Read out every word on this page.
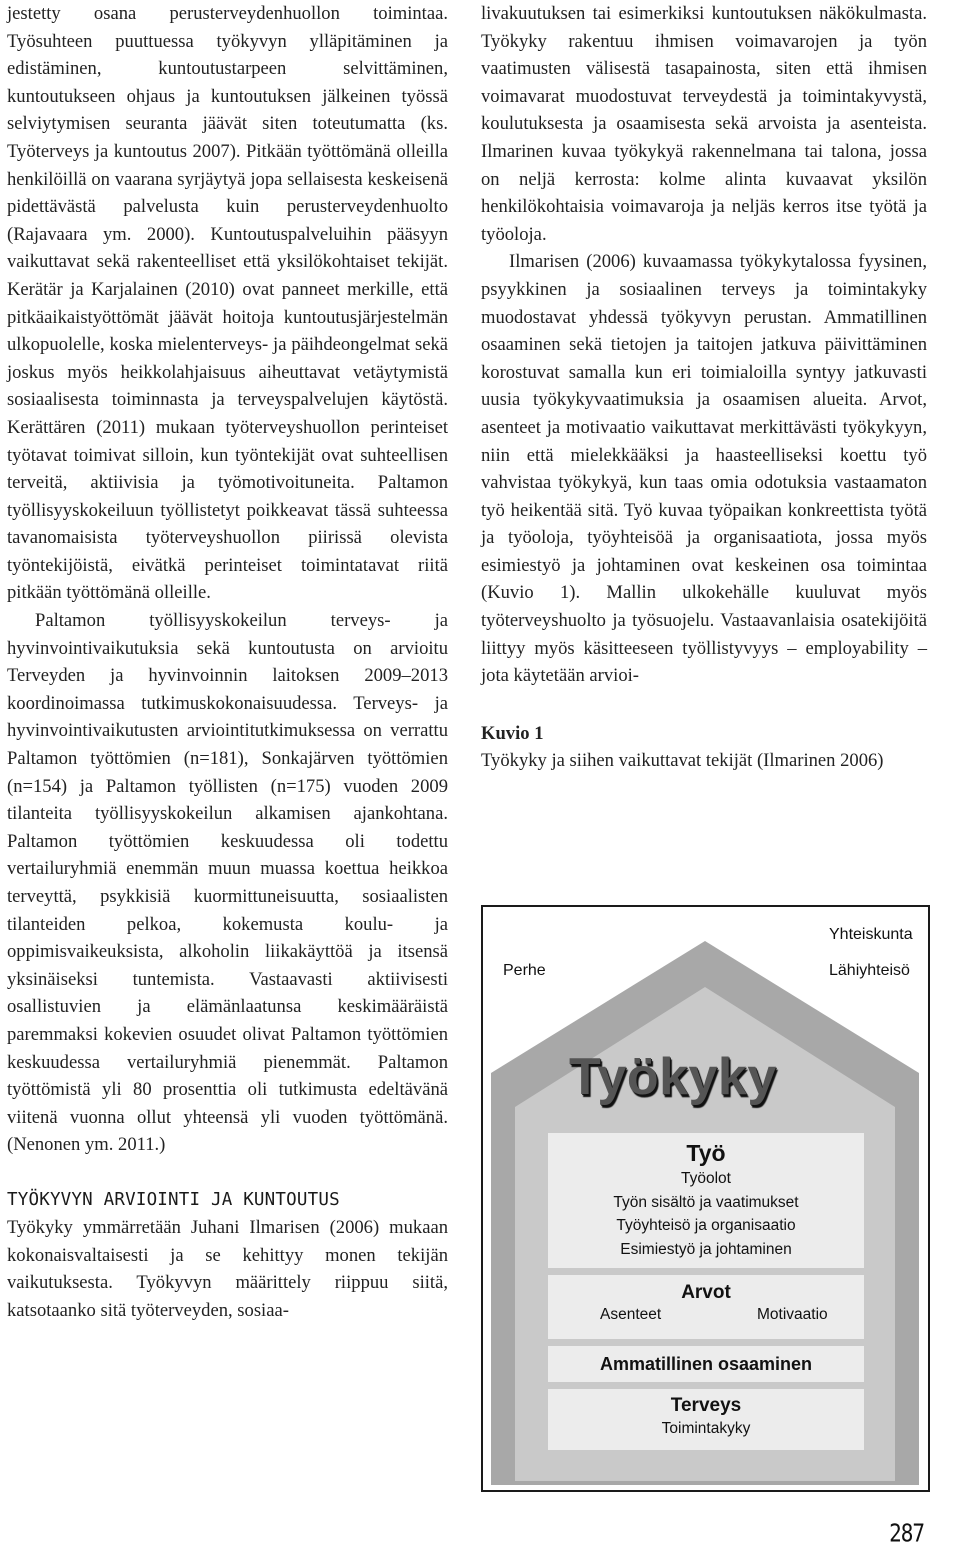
jestetty osana perusterveydenhuollon toimintaa. Työsuhteen puuttuessa työkyvyn ylläpitäminen ja edistäminen, kuntoutustarpeen selvittäminen, kuntoutukseen ohjaus ja kuntoutuksen jälkeinen työssä selviytymisen seuranta jäävät siten toteutumatta (ks. Työterveys ja kuntoutus 2007). Pitkään työttömänä olleilla henkilöillä on vaarana syrjäytyä jopa sellaisesta keskeisenä pidettävästä palvelusta kuin perusterveydenhuolto (Rajavaara ym. 2000). Kuntoutuspalveluihin pääsyyn vaikuttavat sekä rakenteelliset että yksilökohtaiset tekijät. Kerätär ja Karjalainen (2010) ovat panneet merkille, että pitkäaikaistyöttömät jäävät hoitoja kuntoutusjärjestelmän ulkopuolelle, koska mielenterveys- ja päihdeongelmat sekä joskus myös heikkolahjaisuus aiheuttavat vetäytymistä sosiaalisesta toiminnasta ja terveyspalvelujen käytöstä. Kerättären (2011) mukaan työterveyshuollon perinteiset työtavat toimivat silloin, kun työntekijät ovat suhteellisen terveitä, aktiivisia ja työmotivoituneita. Paltamon työllisyyskokeiluun työllistetyt poikkeavat tässä suhteessa tavanomaisista työterveyshuollon piirissä olevista työntekijöistä, eivätkä perinteiset toimintatavat riitä pitkään työttömänä olleille.

Paltamon työllisyyskokeilun terveys- ja hyvinvointivaikutuksia sekä kuntoutusta on arvioitu Terveyden ja hyvinvoinnin laitoksen 2009–2013 koordinoimassa tutkimuskokonaisuudessa. Terveys- ja hyvinvointivaikutusten arviointitutkimuksessa on verrattu Paltamon työttömien (n=181), Sonkajärven työttömien (n=154) ja Paltamon työllisten (n=175) vuoden 2009 tilanteita työllisyyskokeilun alkamisen ajankohtana. Paltamon työttömien keskuudessa oli todettu vertailuryhmiä enemmän muun muassa koettua heikkoa terveyttä, psykkisiä kuormittuneisuutta, sosiaalisten tilanteiden pelkoa, kokemusta koulu- ja oppimisvaikeuksista, alkoholin liikakäyttöä ja itsensä yksinäiseksi tuntemista. Vastaavasti aktiivisesti osallistuvien ja elämänlaatunsa keskimääräistä paremmaksi kokevien osuudet olivat Paltamon työttömien keskuudessa vertailuryhmiä pienemmät. Paltamon työttömistä yli 80 prosenttia oli tutkimusta edeltävänä viitenä vuonna ollut yhteensä yli vuoden työttömänä. (Nenonen ym. 2011.)

TYÖKYVYN ARVIOINTI JA KUNTOUTUS

Työkyky ymmärretään Juhani Ilmarisen (2006) mukaan kokonaisvaltaisesti ja se kehittyy monen tekijän vaikutuksesta. Työkyvyn määrittely riippuu siitä, katsotaanko sitä työterveyden, sosiaa-

livakuutuksen tai esimerkiksi kuntoutuksen näkökulmasta. Työkyky rakentuu ihmisen voimavarojen ja työn vaatimusten välisestä tasapainosta, siten että ihmisen voimavarat muodostuvat terveydestä ja toimintakyvystä, koulutuksesta ja osaamisesta sekä arvoista ja asenteista. Ilmarinen kuvaa työkykyä rakennelmana tai talona, jossa on neljä kerrosta: kolme alinta kuvaavat yksilön henkilökohtaisia voimavaroja ja neljäs kerros itse työtä ja työoloja.

Ilmarisen (2006) kuvaamassa työkykytalossa fyysinen, psyykkinen ja sosiaalinen terveys ja toimintakyky muodostavat yhdessä työkyvyn perustan. Ammatillinen osaaminen sekä tietojen ja taitojen jatkuva päivittäminen korostuvat samalla kun eri toimialoilla syntyy jatkuvasti uusia työkykyvaatimuksia ja osaamisen alueita. Arvot, asenteet ja motivaatio vaikuttavat merkittävästi työkykyyn, niin että mielekkääksi ja haasteelliseksi koettu työ vahvistaa työkykyä, kun taas omia odotuksia vastaamaton työ heikentää sitä. Työ kuvaa työpaikan konkreettista työtä ja työoloja, työyhteisöä ja organisaatiota, jossa myös esimiestyö ja johtaminen ovat keskeinen osa toimintaa (Kuvio 1). Mallin ulkokehälle kuuluvat myös työterveyshuolto ja työsuojelu. Vastaavanlaisia osatekijöitä liittyy myös käsitteeseen työllistyvyys – employability – jota käytetään arvioi-

Kuvio 1

Työkyky ja siihen vaikuttavat tekijät (Ilmarinen 2006)

Yhteiskunta
Lähiyhteisö
Perhe
Työkyky
Työ
Työolot
Työn sisältö ja vaatimukset
Työyhteisö ja organisaatio
Esimiestyö ja johtaminen
Arvot
Asenteet	Motivaatio
Ammatillinen osaaminen
Terveys
Toimintakyky
287
